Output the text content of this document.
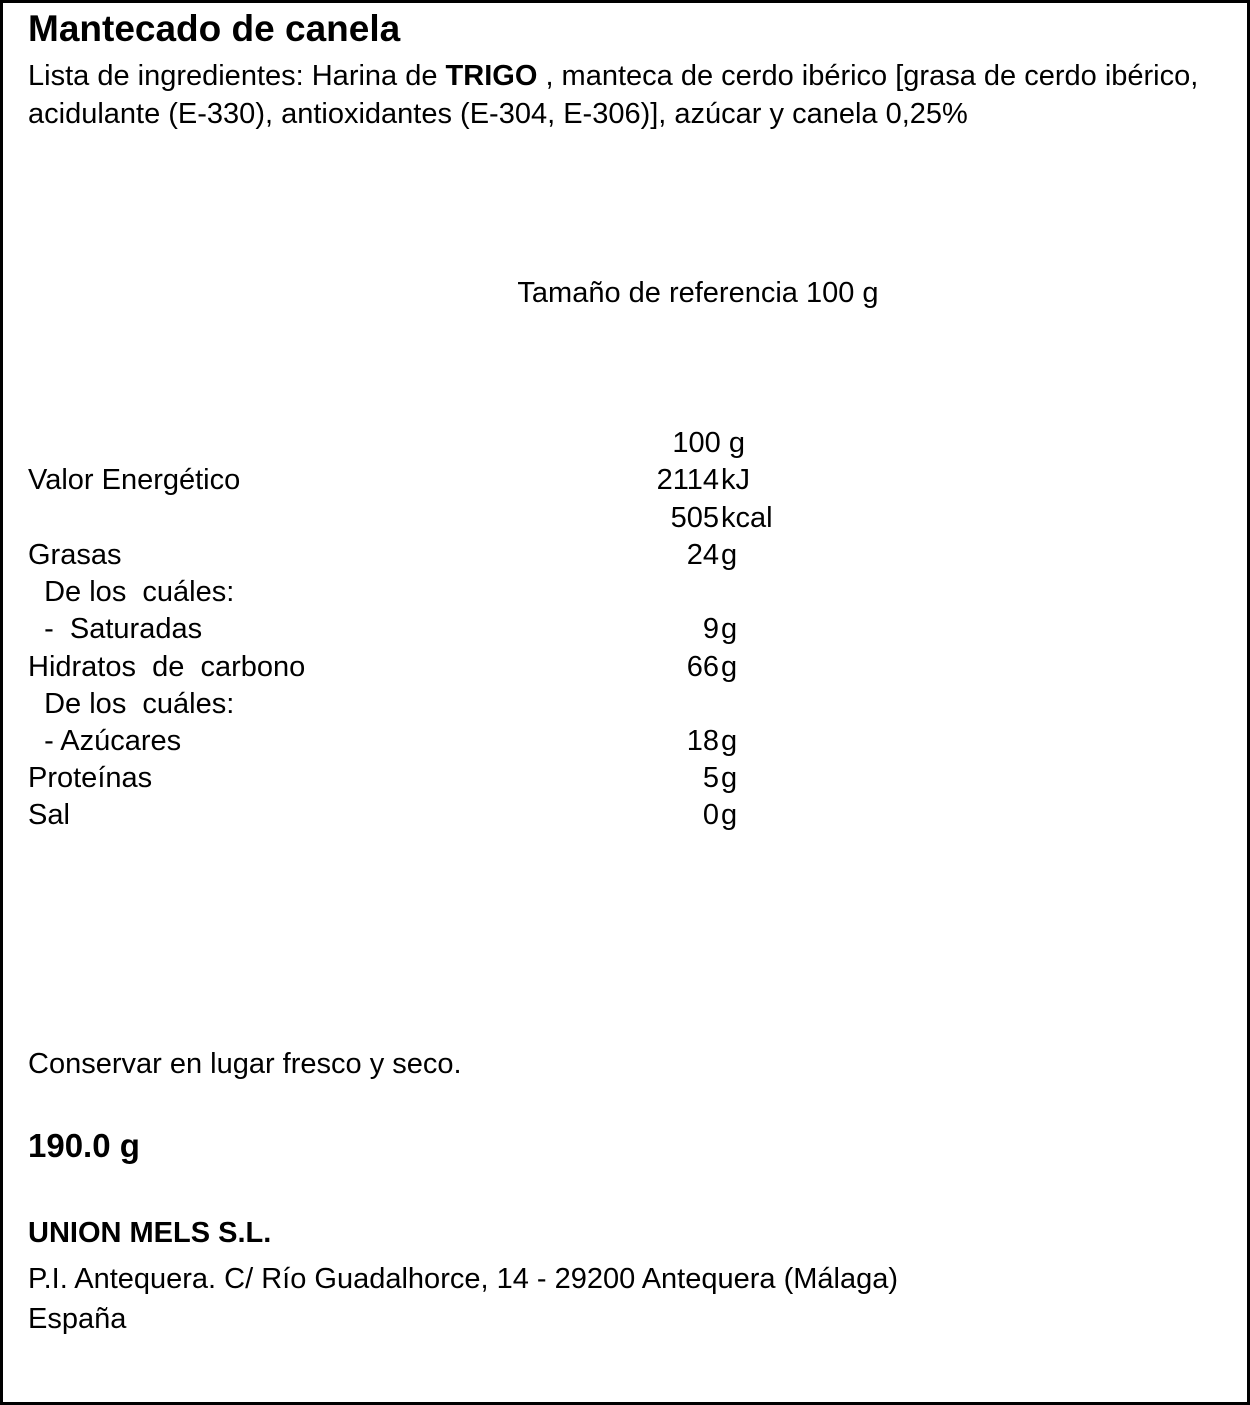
Mantecado de canela
Lista de ingredientes: Harina de TRIGO , manteca de cerdo ibérico [grasa de cerdo ibérico, acidulante (E-330), antioxidantes (E-304, E-306)], azúcar y canela 0,25%
Tamaño de referencia 100 g
100 g
Valor Energético	2114 kJ
505 kcal
Grasas	24 g
De los  cuáles:
-  Saturadas	9 g
Hidratos  de  carbono	66 g
De los  cuáles:
- Azúcares	18 g
Proteínas	5 g
Sal	0 g
Conservar en lugar fresco y seco.
190.0 g
UNION MELS S.L.
P.I. Antequera. C/ Río Guadalhorce, 14 - 29200 Antequera (Málaga)
España
